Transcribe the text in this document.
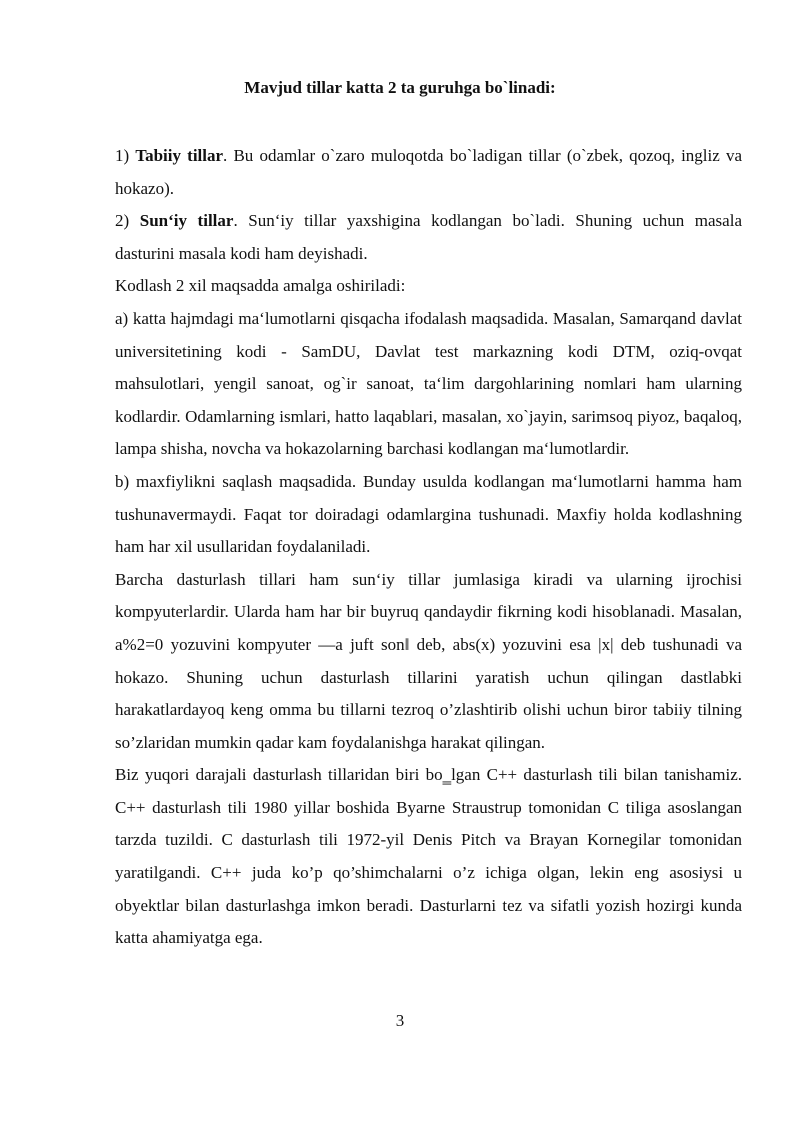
Mavjud tillar katta 2 ta guruhga bo`linadi:

1) Tabiiy tillar. Bu odamlar o`zaro muloqotda bo`ladigan tillar (o`zbek, qozoq, ingliz va hokazo).

2) Sun‘iy tillar. Sun‘iy tillar yaxshigina kodlangan bo`ladi. Shuning uchun masala dasturini masala kodi ham deyishadi.

Kodlash 2 xil maqsadda amalga oshiriladi:

a) katta hajmdagi ma‘lumotlarni qisqacha ifodalash maqsadida. Masalan, Samarqand davlat universitetining kodi - SamDU, Davlat test markazning kodi DTM, oziq-ovqat mahsulotlari, yengil sanoat, og`ir sanoat, ta‘lim dargohlarining nomlari ham ularning kodlardir. Odamlarning ismlari, hatto laqablari, masalan, xo`jayin, sarimsoq piyoz, baqaloq, lampa shisha, novcha va hokazolarning barchasi kodlangan ma‘lumotlardir.

b) maxfiylikni saqlash maqsadida. Bunday usulda kodlangan ma‘lumotlarni hamma ham tushunavermaydi. Faqat tor doiradagi odamlargina tushunadi. Maxfiy holda kodlashning ham har xil usullaridan foydalaniladi.

Barcha dasturlash tillari ham sun‘iy tillar jumlasiga kiradi va ularning ijrochisi kompyuterlardir. Ularda ham har bir buyruq qandaydir fikrning kodi hisoblanadi. Masalan, a%2=0 yozuvini kompyuter ―a juft son‖ deb, abs(x) yozuvini esa |x| deb tushunadi va hokazo. Shuning uchun dasturlash tillarini yaratish uchun qilingan dastlabki harakatlardayoq keng omma bu tillarni tezroq o’zlashtirib olishi uchun biror tabiiy tilning so’zlaridan mumkin qadar kam foydalanishga harakat qilingan.

Biz yuqori darajali dasturlash tillaridan biri bo‗lgan C++ dasturlash tili bilan tanishamiz. C++ dasturlash tili 1980 yillar boshida Byarne Straustrup tomonidan C tiliga asoslangan tarzda tuzildi. C dasturlash tili 1972-yil Denis Pitch va Brayan Kornegilar tomonidan yaratilgandi. C++ juda ko’p qo’shimchalarni o’z ichiga olgan, lekin eng asosiysi u obyektlar bilan dasturlashga imkon beradi. Dasturlarni tez va sifatli yozish hozirgi kunda katta ahamiyatga ega.

3
